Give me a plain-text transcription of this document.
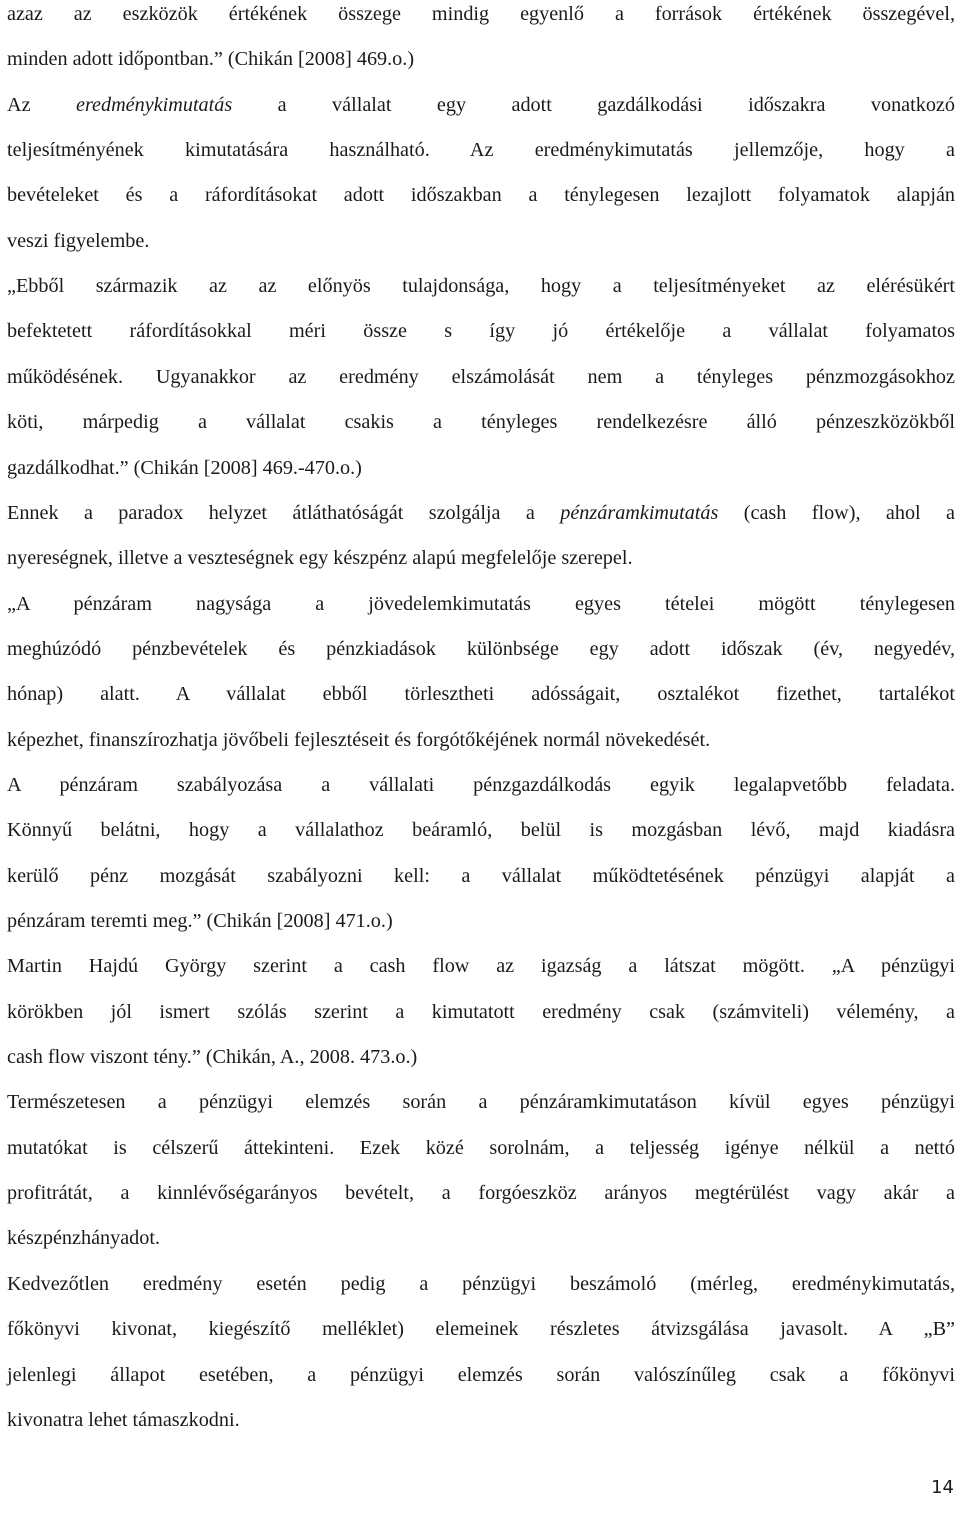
azaz az eszközök értékének összege mindig egyenlő a források értékének összegével,
minden adott időpontban.” (Chikán [2008] 469.o.)
Az eredménykimutatás a vállalat egy adott gazdálkodási időszakra vonatkozó
teljesítményének kimutatására használható. Az eredménykimutatás jellemzője, hogy a
bevételeket és a ráfordításokat adott időszakban a ténylegesen lezajlott folyamatok alapján
veszi figyelembe.
„Ebből származik az az előnyös tulajdonsága, hogy a teljesítményeket az elérésükért
befektetett ráfordításokkal méri össze s így jó értékelője a vállalat folyamatos
működésének. Ugyanakkor az eredmény elszámolását nem a tényleges pénzmozgásokhoz
köti, márpedig a vállalat csakis a tényleges rendelkezésre álló pénzeszközökből
gazdálkodhat.” (Chikán [2008] 469.-470.o.)
Ennek a paradox helyzet átláthatóságát szolgálja a pénzáramkimutatás (cash flow), ahol a
nyereségnek, illetve a veszteségnek egy készpénz alapú megfelelője szerepel.
„A pénzáram nagysága a jövedelemkimutatás egyes tételei mögött ténylegesen
meghúzódó pénzbevételek és pénzkiadások különbsége egy adott időszak (év, negyedév,
hónap) alatt. A vállalat ebből törlesztheti adósságait, osztalékot fizethet, tartalékot
képezhet, finanszírozhatja jövőbeli fejlesztéseit és forgótőkéjének normál növekedését.
A pénzáram szabályozása a vállalati pénzgazdálkodás egyik legalapvetőbb feladata.
Könnyű belátni, hogy a vállalathoz beáramló, belül is mozgásban lévő, majd kiadásra
kerülő pénz mozgását szabályozni kell: a vállalat működtetésének pénzügyi alapját a
pénzáram teremti meg.” (Chikán [2008] 471.o.)
Martin Hajdú György szerint a cash flow az igazság a látszat mögött. „A pénzügyi
körökben jól ismert szólás szerint a kimutatott eredmény csak (számviteli) vélemény, a
cash flow viszont tény.” (Chikán, A., 2008. 473.o.)
Természetesen a pénzügyi elemzés során a pénzáramkimutatáson kívül egyes pénzügyi
mutatókat is célszerű áttekinteni. Ezek közé sorolnám, a teljesség igénye nélkül a nettó
profitrátát, a kinnlévőségarányos bevételt, a forgóeszköz arányos megtérülést vagy akár a
készpénzhányadot.
Kedvezőtlen eredmény esetén pedig a pénzügyi beszámoló (mérleg, eredménykimutatás,
főkönyvi kivonat, kiegészítő melléklet) elemeinek részletes átvizsgálása javasolt. A „B”
jelenlegi állapot esetében, a pénzügyi elemzés során valószínűleg csak a főkönyvi
kivonatra lehet támaszkodni.
14
